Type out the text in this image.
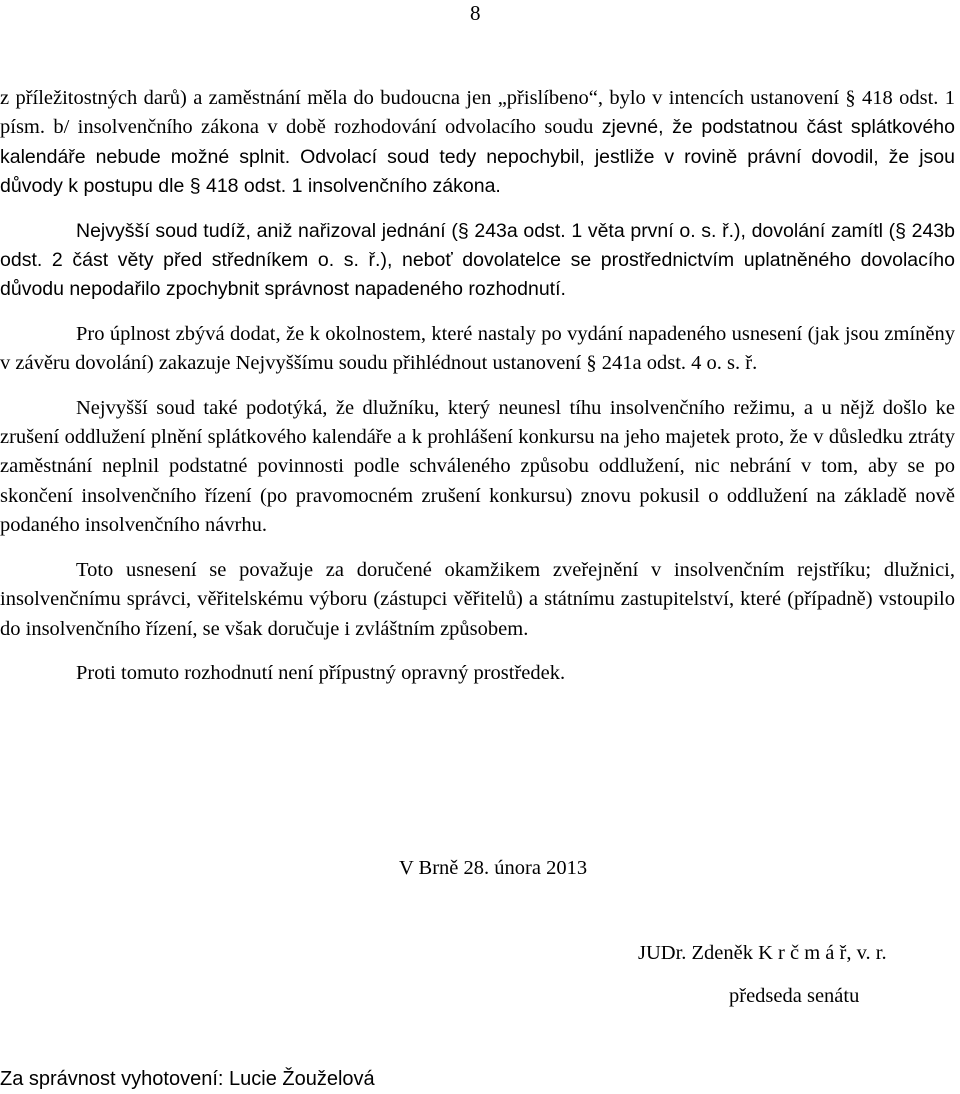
8

z příležitostných darů) a zaměstnání měla do budoucna jen „přislíbeno“, bylo v intencích ustanovení § 418 odst. 1 písm. b/ insolvenčního zákona v době rozhodování odvolacího soudu zjevné, že podstatnou část splátkového kalendáře nebude možné splnit. Odvolací soud tedy nepochybil, jestliže v rovině právní dovodil, že jsou důvody k postupu dle § 418 odst. 1 insolvenčního zákona.

Nejvyšší soud tudíž, aniž nařizoval jednání (§ 243a odst. 1 věta první o. s. ř.), dovolání zamítl (§ 243b odst. 2 část věty před středníkem o. s. ř.), neboť dovolatelce se prostřednictvím uplatněného dovolacího důvodu nepodařilo zpochybnit správnost napadeného rozhodnutí.

Pro úplnost zbývá dodat, že k okolnostem, které nastaly po vydání napadeného usnesení (jak jsou zmíněny v závěru dovolání) zakazuje Nejvyššímu soudu přihlédnout ustanovení § 241a odst. 4 o. s. ř.

Nejvyšší soud také podotýká, že dlužníku, který neunesl tíhu insolvenčního režimu, a u nějž došlo ke zrušení oddlužení plnění splátkového kalendáře a k prohlášení konkursu na jeho majetek proto, že v důsledku ztráty zaměstnání neplnil podstatné povinnosti podle schváleného způsobu oddlužení, nic nebrání v tom, aby se po skončení insolvenčního řízení (po pravomocném zrušení konkursu) znovu pokusil o oddlužení na základě nově podaného insolvenčního návrhu.

Toto usnesení se považuje za doručené okamžikem zveřejnění v insolvenčním rejstříku; dlužnici, insolvenčnímu správci, věřitelskému výboru (zástupci věřitelů) a státnímu zastupitelství, které (případně) vstoupilo do insolvenčního řízení, se však doručuje i zvláštním způsobem.

Proti tomuto rozhodnutí není přípustný opravný prostředek.

V Brně 28. února 2013
JUDr. Zdeněk K r č m á ř, v. r.
předseda senátu
Za správnost vyhotovení: Lucie Žouželová
